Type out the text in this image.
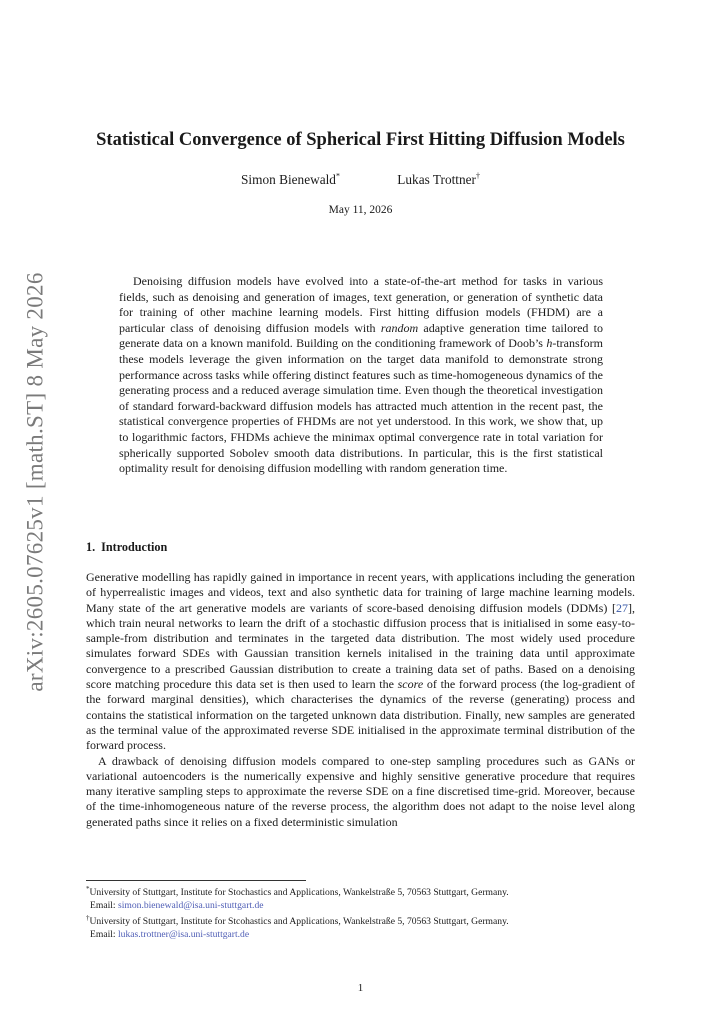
arXiv:2605.07625v1 [math.ST] 8 May 2026
Statistical Convergence of Spherical First Hitting Diffusion Models
Simon Bienewald*	Lukas Trottner†
May 11, 2026

Denoising diffusion models have evolved into a state-of-the-art method for tasks in various fields, such as denoising and generation of images, text generation, or generation of synthetic data for training of other machine learning models. First hitting diffusion models (FHDM) are a particular class of denoising diffusion models with random adaptive generation time tailored to generate data on a known manifold. Building on the conditioning framework of Doob’s h-transform these models leverage the given information on the target data manifold to demonstrate strong performance across tasks while offering distinct features such as time-homogeneous dynamics of the generating process and a reduced average simulation time. Even though the theoretical investigation of standard forward-backward diffusion models has attracted much attention in the recent past, the statistical convergence properties of FHDMs are not yet understood. In this work, we show that, up to logarithmic factors, FHDMs achieve the minimax optimal convergence rate in total variation for spherically supported Sobolev smooth data distributions. In particular, this is the first statistical optimality result for denoising diffusion modelling with random generation time.

1. Introduction

Generative modelling has rapidly gained in importance in recent years, with applications including the generation of hyperrealistic images and videos, text and also synthetic data for training of large machine learning models. Many state of the art generative models are variants of score-based denoising diffusion models (DDMs) [27], which train neural networks to learn the drift of a stochastic diffusion process that is initialised in some easy-to-sample-from distribution and terminates in the targeted data distribution. The most widely used procedure simulates forward SDEs with Gaussian transition kernels initalised in the training data until approximate convergence to a prescribed Gaussian distribution to create a training data set of paths. Based on a denoising score matching procedure this data set is then used to learn the score of the forward process (the log-gradient of the forward marginal densities), which characterises the dynamics of the reverse (generating) process and contains the statistical information on the targeted unknown data distribution. Finally, new samples are generated as the terminal value of the approximated reverse SDE initialised in the approximate terminal distribution of the forward process.

A drawback of denoising diffusion models compared to one-step sampling procedures such as GANs or variational autoencoders is the numerically expensive and highly sensitive generative procedure that requires many iterative sampling steps to approximate the reverse SDE on a fine discretised time-grid. Moreover, because of the time-inhomogeneous nature of the reverse process, the algorithm does not adapt to the noise level along generated paths since it relies on a fixed deterministic simulation

*University of Stuttgart, Institute for Stochastics and Applications, Wankelstraße 5, 70563 Stuttgart, Germany.

Email: simon.bienewald@isa.uni-stuttgart.de

†University of Stuttgart, Institute for Stcohastics and Applications, Wankelstraße 5, 70563 Stuttgart, Germany.

Email: lukas.trottner@isa.uni-stuttgart.de

1
